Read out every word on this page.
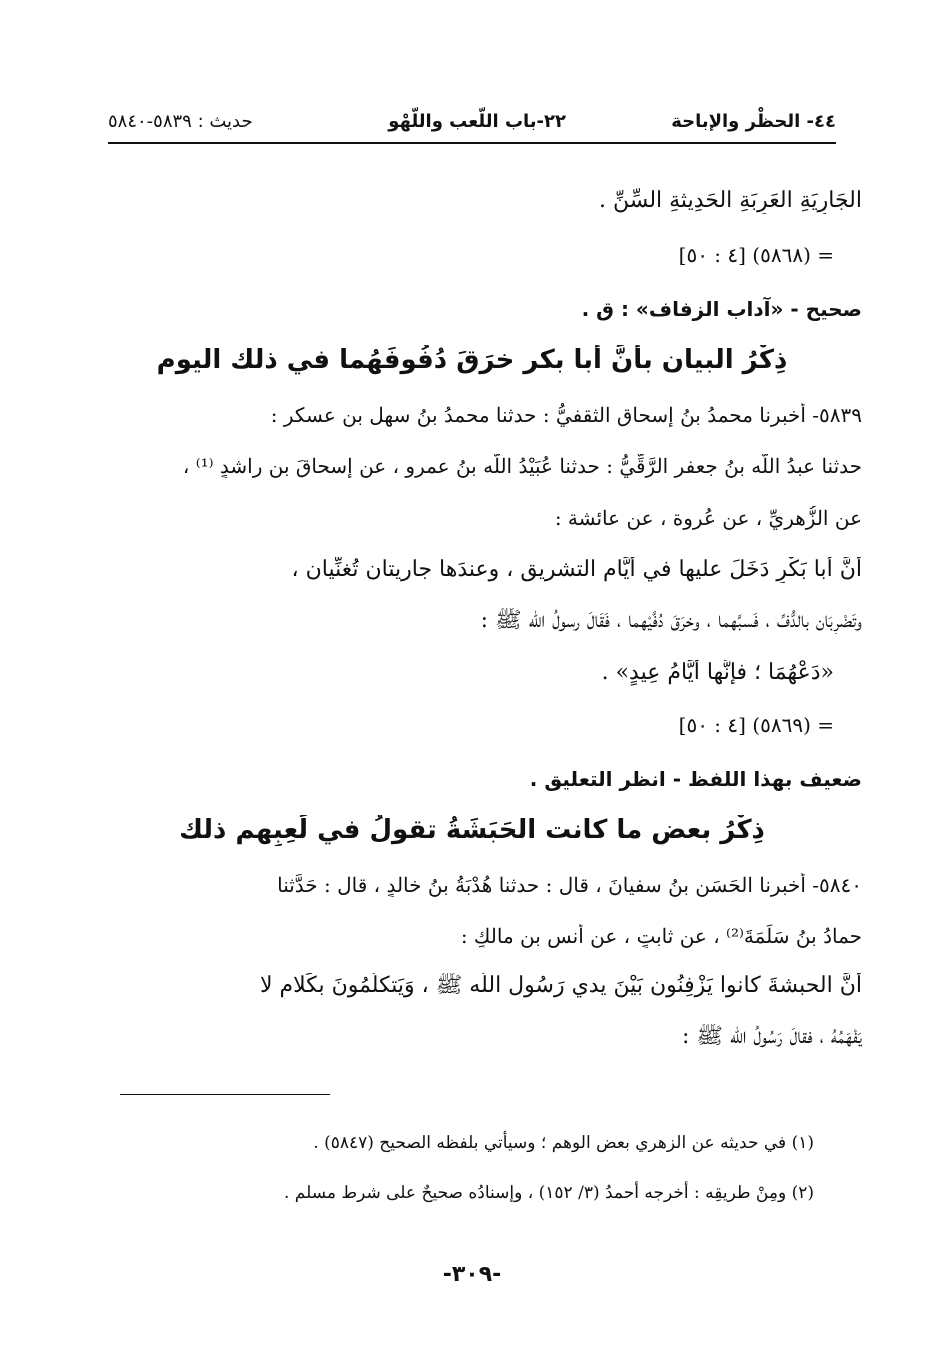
٤٤- الحظْر والإباحة
٢٢-باب اللّعب واللّهْو
حديث : ٥٨٣٩-٥٨٤٠
الجَارِيَةِ العَرِبَةِ الحَدِيثةِ السِّنِّ .
= (٥٨٦٨) [٤ : ٥٠]
صحيح - «آداب الزفاف» : ق .
ذِكْرُ البيان بأنَّ أبا بكر خرَقَ دُفُوفَهُما في ذلك اليوم
٥٨٣٩- أخبرنا محمدُ بنُ إسحاق الثقفيُّ : حدثنا محمدُ بنُ سهل بن عسكر :
حدثنا عبدُ اللّه بنُ جعفر الرَّقِّيُّ : حدثنا عُبَيْدُ اللّه بنُ عمرو ، عن إسحاقَ بن راشدٍ ⁽¹⁾ ،
عن الزُّهريِّ ، عن عُروة ، عن عائشة :
أنَّ أبا بَكْرٍ دَخَلَ عليها في أيَّام التشريق ، وعندَها جاريتان تُغنِّيان ،
وتَضْرِبَان بالدُّفِّ ، فَسبَّهما ، وخرَقَ دُفَّيْهما ، فَقَالَ رسولُ اللّه ﷺ :
«دَعْهُمَا ؛ فإنَّها أيَّامُ عِيدٍ» .
= (٥٨٦٩) [٤ : ٥٠]
ضعيف بهذا اللفظ - انظر التعليق .
ذِكْرُ بعضِ ما كانت الحَبَشَةُ تقولُ في لَعِبِهم ذلك
٥٨٤٠- أخبرنا الحَسَن بنُ سفيانَ ، قال : حدثنا هُدْبَةُ بنُ خالدٍ ، قال : حَدَّثنا
حمادُ بنُ سَلَمَةَ⁽²⁾ ، عن ثابتٍ ، عن أنس بن مالكٍ :
أنَّ الحبشةَ كانوا يَزْفِنُون بَيْنَ يدي رَسُول اللّه ﷺ ، وَيَتكلَّمُونَ بكَلامٍ لا
يَفْهَمُهُ ، فقالَ رَسُولُ اللّه ﷺ :
(١) في حديثه عن الزهري بعض الوهم ؛ وسيأتي بلفظه الصحيح (٥٨٤٧) .
(٢) ومِنْ طريقِه : أخرجه أحمدُ (٣/ ١٥٢) ، وإسنادُه صحيحٌ على شرط مسلم .
-٣٠٩-
